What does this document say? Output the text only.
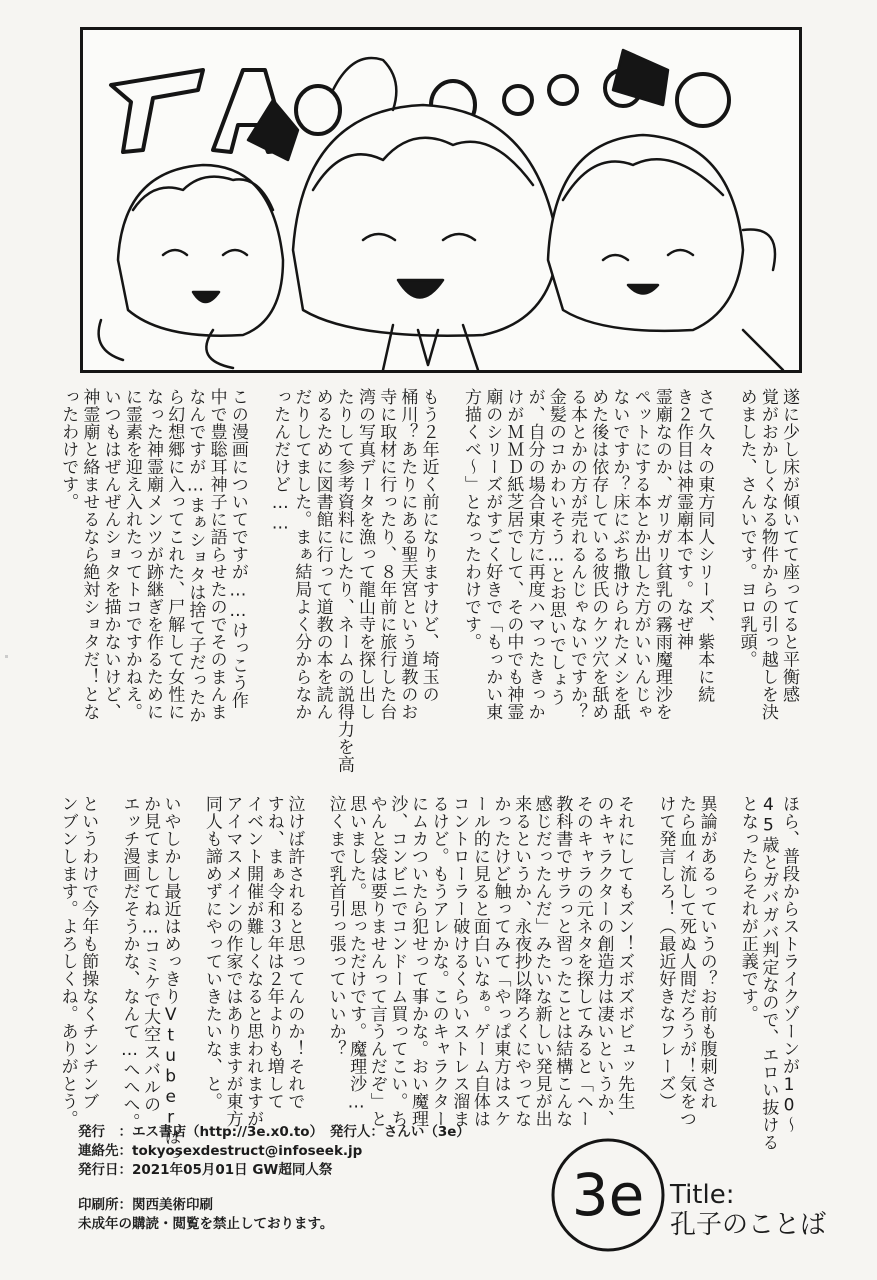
遂に少し床が傾いてて座ってると平衡感
覚がおかしくなる物件からの引っ越しを決
めました、さんいです。ヨロ乳頭。
さて久々の東方同人シリーズ、紫本に続
き２作目は神霊廟本です。なぜ神
霊廟なのか、ガリガリ貧乳の霧雨魔理沙を
ペットにする本とか出した方がいいんじゃ
ないですか？床にぶち撒けられたメシを舐
めた後は依存している彼氏のケツ穴を舐め
る本とかの方が売れるんじゃないですか？
金髪のコかわいそう…とお思いでしょう
が、自分の場合東方に再度ハマったきっか
けがＭＭＤ紙芝居でして、その中でも神霊
廟のシリーズがすごく好きで「もっかい東
方描くべ〜」となったわけです。
もう２年近く前になりますけど、埼玉の
桶川？あたりにある聖天宮という道教のお
寺に取材に行ったり、８年前に旅行した台
湾の写真データを漁って龍山寺を探し出し
たりして参考資料にしたり、ネームの説得力を高
めるために図書館に行って道教の本を読ん
だりしてました。まぁ結局よく分からなか
ったんだけど……
この漫画についてですが……けっこう作
中で豊聡耳神子に語らせたのでそのまんま
なんですが…まぁショタは捨て子だったか
ら幻想郷に入ってこれた、尸解して女性に
なった神霊廟メンツが跡継ぎを作るために
に霊素を迎え入れたってトコですかねえ。
いつもはぜんぜんショタを描かないけど、
神霊廟と絡ませるなら絶対ショタだ！とな
ったわけです。
ほら、普段からストライクゾーンが10〜
45歳とガバガバ判定なので、エロい抜ける
となったらそれが正義です。
異論があるっていうの？お前も腹刺され
たら血ィ流して死ぬ人間だろうが！気をつ
けて発言しろ！（最近好きなフレーズ）
それにしてもズン！ズボズボビュッ先生
のキャラクターの創造力は凄いというか、
そのキャラの元ネタを探してみると「ヘー
教科書でサラっと習ったことは結構こんな
感じだったんだ」みたいな新しい発見が出
来るというか、永夜抄以降ろくにやってな
かったけど触ってみて「やっぱ東方はスケ
ール的に見ると面白いなぁ。ゲーム自体は
コントローラー破けるくらいストレス溜ま
るけど。もうアレかな。このキャラクター
にムカついたら犯せって事かな。おい魔理
沙、コンビニでコンドーム買ってこい。ち
やんと袋は要りませんって言うんだぞ」と
思いました。思っただけです。魔理沙…
泣くまで乳首引っ張っていいか？
泣けば許されると思ってんのか！それで
すね、まぁ令和３年は２年よりも増して
イベント開催が難しくなると思われますが
アイマスメインの作家ではありますが東方
同人も諦めずにやっていきたいな、と。
いやしかし最近はめっきりVtuberばっ
か見てましてね…コミケで大空スバルの
エッチ漫画だそうかな、なんて…へへへ。
というわけで今年も節操なくチンチンブ
ンブンします。よろしくね。ありがとう。
発行　：エス書店（http://3e.x0.to）　 発行人：さんい（3e）
連絡先：tokyosexdestruct@infoseek.jp
発行日：2021年05月01日 GW超同人祭
印刷所：関西美術印刷
未成年の購読・閲覧を禁止しております。	3e Title:
孔子のことば
